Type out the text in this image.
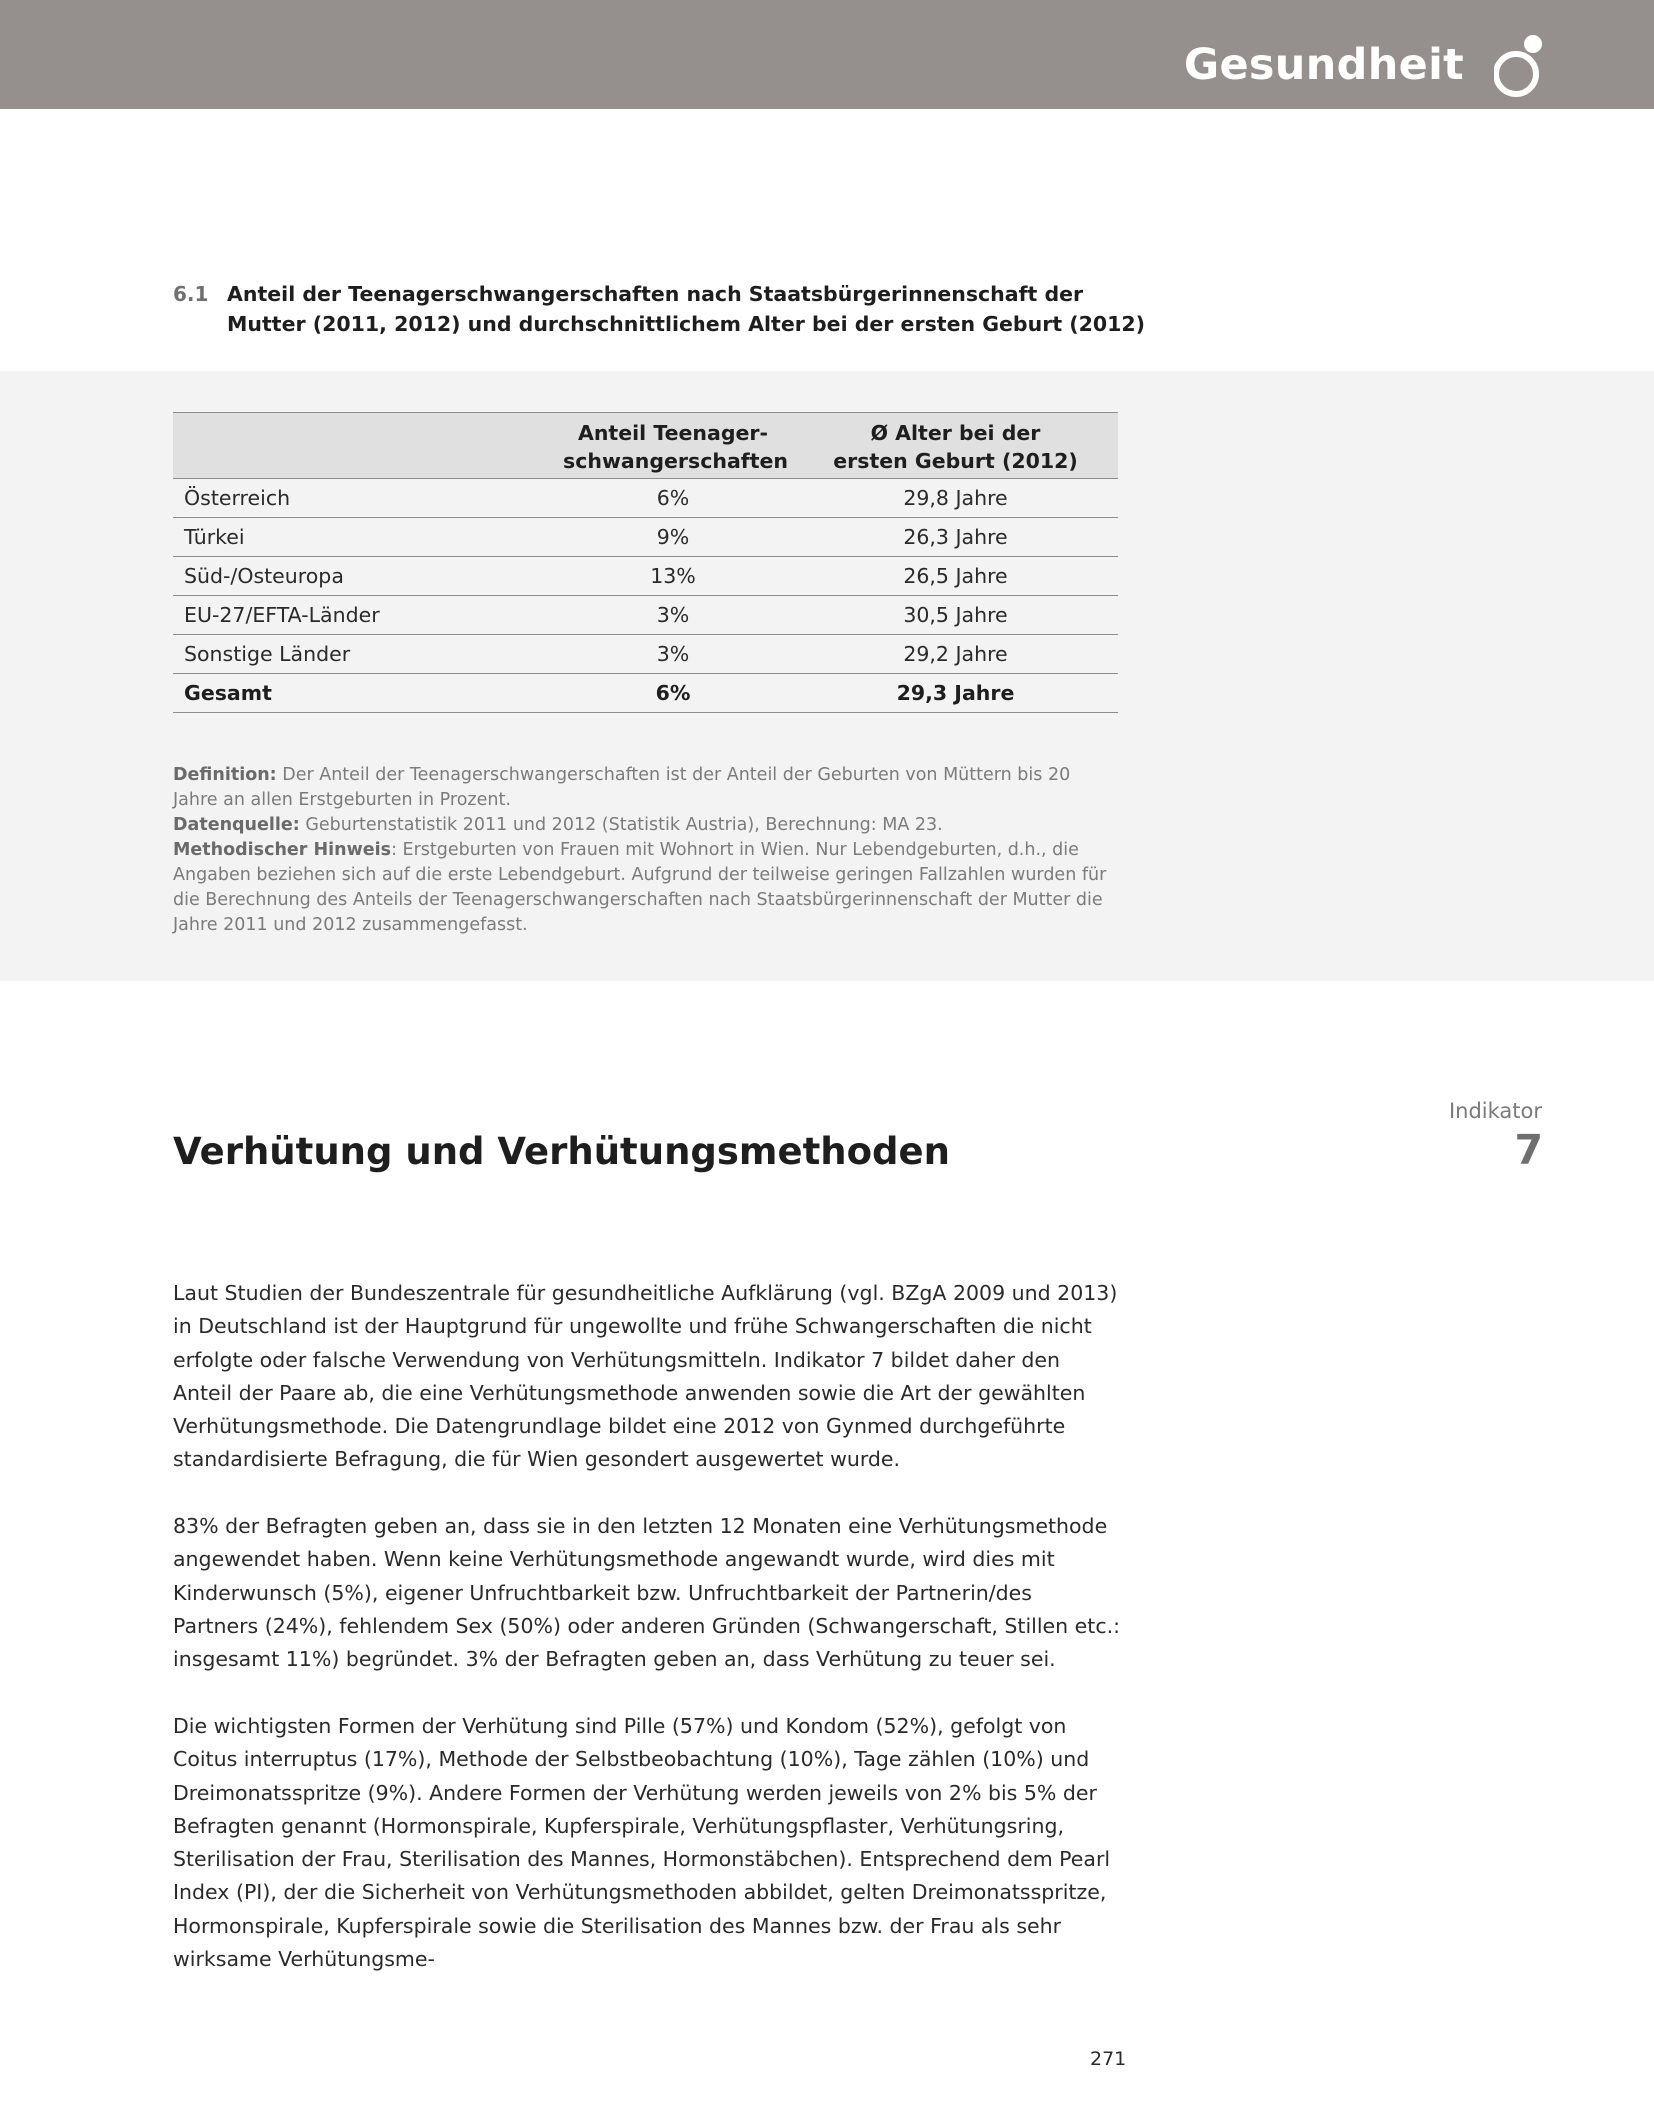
Gesundheit
6.1 Anteil der Teenagerschwangerschaften nach Staatsbürgerinnenschaft der Mutter (2011, 2012) und durchschnittlichem Alter bei der ersten Geburt (2012)
	Anteil Teenager-schwangerschaften	Ø Alter bei der ersten Geburt (2012)
Österreich	6%	29,8 Jahre
Türkei	9%	26,3 Jahre
Süd-/Osteuropa	13%	26,5 Jahre
EU-27/EFTA-Länder	3%	30,5 Jahre
Sonstige Länder	3%	29,2 Jahre
Gesamt	6%	29,3 Jahre

Definition: Der Anteil der Teenagerschwangerschaften ist der Anteil der Geburten von Müttern bis 20 Jahre an allen Erstgeburten in Prozent.

Datenquelle: Geburtenstatistik 2011 und 2012 (Statistik Austria), Berechnung: MA 23.

Methodischer Hinweis: Erstgeburten von Frauen mit Wohnort in Wien. Nur Lebendgeburten, d.h., die Angaben beziehen sich auf die erste Lebendgeburt. Aufgrund der teilweise geringen Fallzahlen wurden für die Berechnung des Anteils der Teenagerschwangerschaften nach Staatsbürgerinnenschaft der Mutter die Jahre 2011 und 2012 zusammengefasst.

Indikator
7
Verhütung und Verhütungsmethoden

Laut Studien der Bundeszentrale für gesundheitliche Aufklärung (vgl. BZgA 2009 und 2013) in Deutschland ist der Hauptgrund für ungewollte und frühe Schwangerschaften die nicht erfolgte oder falsche Verwendung von Verhütungsmitteln. Indikator 7 bildet daher den Anteil der Paare ab, die eine Verhütungsmethode anwenden sowie die Art der gewählten Verhütungsmethode. Die Datengrundlage bildet eine 2012 von Gynmed durchgeführte standardisierte Befragung, die für Wien gesondert ausgewertet wurde.

83% der Befragten geben an, dass sie in den letzten 12 Monaten eine Verhütungsmethode angewendet haben. Wenn keine Verhütungsmethode angewandt wurde, wird dies mit Kinderwunsch (5%), eigener Unfruchtbarkeit bzw. Unfruchtbarkeit der Partnerin/des Partners (24%), fehlendem Sex (50%) oder anderen Gründen (Schwangerschaft, Stillen etc.: insgesamt 11%) begründet. 3% der Befragten geben an, dass Verhütung zu teuer sei.

Die wichtigsten Formen der Verhütung sind Pille (57%) und Kondom (52%), gefolgt von Coitus interruptus (17%), Methode der Selbstbeobachtung (10%), Tage zählen (10%) und Dreimonatsspritze (9%). Andere Formen der Verhütung werden jeweils von 2% bis 5% der Befragten genannt (Hormonspirale, Kupferspirale, Verhütungspflaster, Verhütungsring, Sterilisation der Frau, Sterilisation des Mannes, Hormonstäbchen). Entsprechend dem Pearl Index (PI), der die Sicherheit von Verhütungsmethoden abbildet, gelten Dreimonatsspritze, Hormonspirale, Kupferspirale sowie die Sterilisation des Mannes bzw. der Frau als sehr wirksame Verhütungsme-

271
